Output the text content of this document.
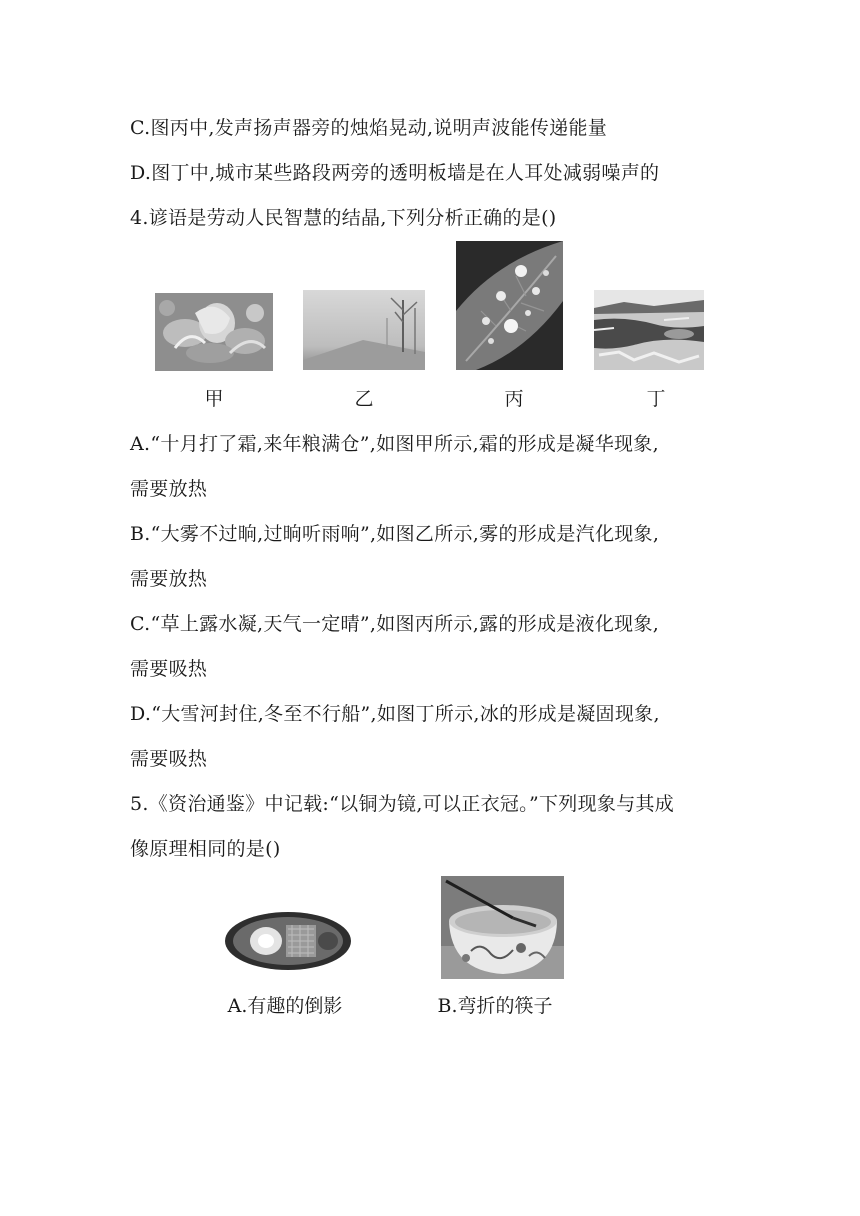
C.图丙中,发声扬声器旁的烛焰晃动,说明声波能传递能量
D.图丁中,城市某些路段两旁的透明板墙是在人耳处减弱噪声的
4.谚语是劳动人民智慧的结晶,下列分析正确的是()
甲	乙	丙	丁
A.“十月打了霜,来年粮满仓”,如图甲所示,霜的形成是凝华现象,
需要放热
B.“大雾不过晌,过晌听雨响”,如图乙所示,雾的形成是汽化现象,
需要放热
C.“草上露水凝,天气一定晴”,如图丙所示,露的形成是液化现象,
需要吸热
D.“大雪河封住,冬至不行船”,如图丁所示,冰的形成是凝固现象,
需要吸热
5.《资治通鉴》中记载:“以铜为镜,可以正衣冠。”下列现象与其成
像原理相同的是()
A.有趣的倒影	B.弯折的筷子
